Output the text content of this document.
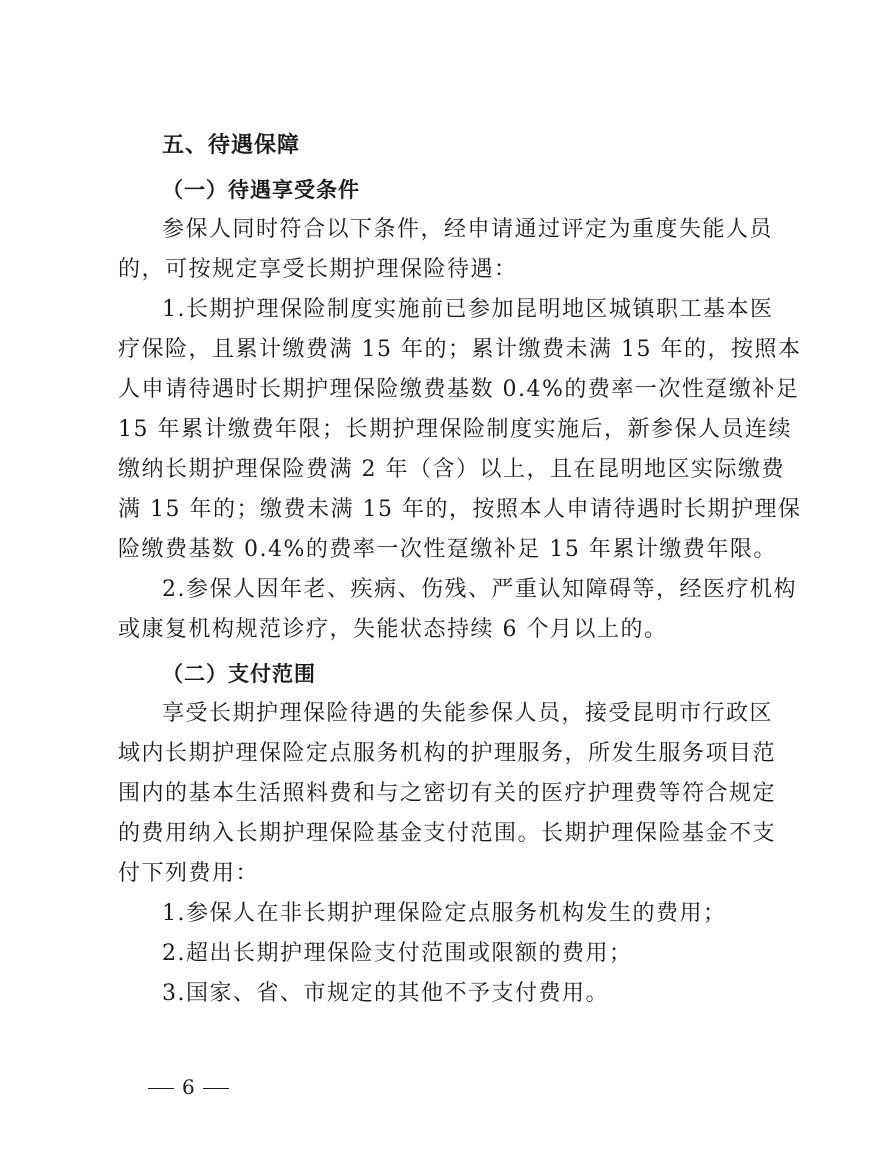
五、待遇保障
（一）待遇享受条件
参保人同时符合以下条件，经申请通过评定为重度失能人员
的，可按规定享受长期护理保险待遇：
1.长期护理保险制度实施前已参加昆明地区城镇职工基本医
疗保险，且累计缴费满 15 年的；累计缴费未满 15 年的，按照本
人申请待遇时长期护理保险缴费基数 0.4%的费率一次性趸缴补足
15 年累计缴费年限；长期护理保险制度实施后，新参保人员连续
缴纳长期护理保险费满 2 年（含）以上，且在昆明地区实际缴费
满 15 年的；缴费未满 15 年的，按照本人申请待遇时长期护理保
险缴费基数 0.4%的费率一次性趸缴补足 15 年累计缴费年限。
2.参保人因年老、疾病、伤残、严重认知障碍等，经医疗机构
或康复机构规范诊疗，失能状态持续 6 个月以上的。
（二）支付范围
享受长期护理保险待遇的失能参保人员，接受昆明市行政区
域内长期护理保险定点服务机构的护理服务，所发生服务项目范
围内的基本生活照料费和与之密切有关的医疗护理费等符合规定
的费用纳入长期护理保险基金支付范围。长期护理保险基金不支
付下列费用：
1.参保人在非长期护理保险定点服务机构发生的费用；
2.超出长期护理保险支付范围或限额的费用；
3.国家、省、市规定的其他不予支付费用。
6
